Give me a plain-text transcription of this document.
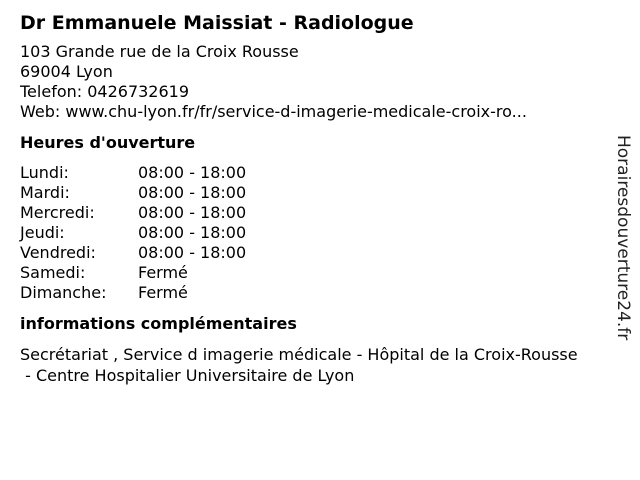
Dr Emmanuele Maissiat - Radiologue
103 Grande rue de la Croix Rousse
69004 Lyon
Telefon: 0426732619
Web: www.chu-lyon.fr/fr/service-d-imagerie-medicale-croix-ro...
Heures d'ouverture
Lundi:	08:00 - 18:00
Mardi:	08:00 - 18:00
Mercredi:	08:00 - 18:00
Jeudi:	08:00 - 18:00
Vendredi:	08:00 - 18:00
Samedi:	Fermé
Dimanche: Fermé
informations complémentaires
Secrétariat , Service d imagerie médicale - Hôpital de la Croix-Rousse
- Centre Hospitalier Universitaire de Lyon
Horairesdouverture24.fr
